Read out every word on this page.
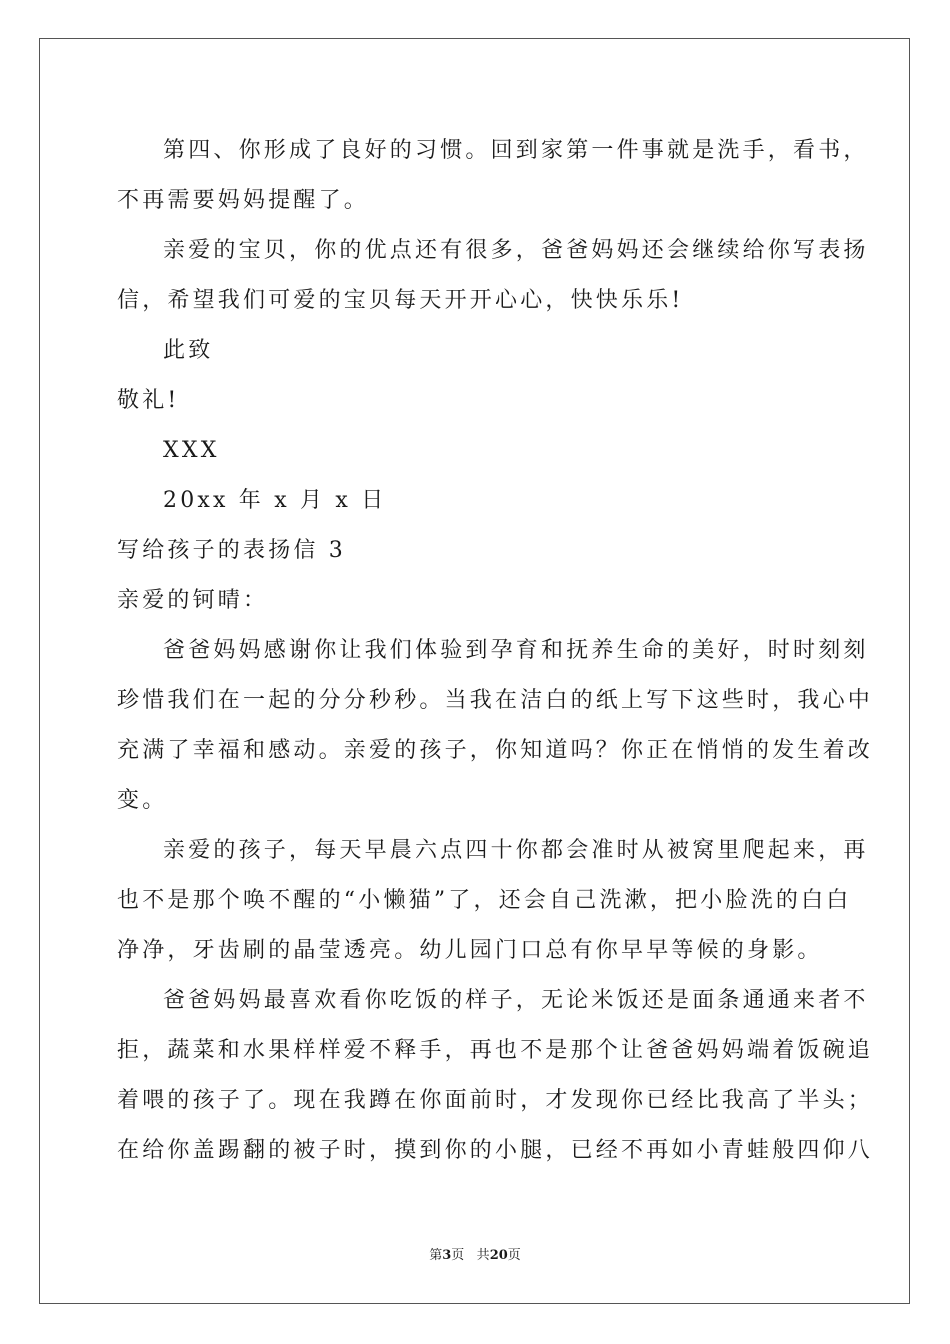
第四、你形成了良好的习惯。回到家第一件事就是洗手，看书，
不再需要妈妈提醒了。
亲爱的宝贝，你的优点还有很多，爸爸妈妈还会继续给你写表扬
信，希望我们可爱的宝贝每天开开心心，快快乐乐!
此致
敬礼!
XXX
20xx 年 x 月 x 日
写给孩子的表扬信 3
亲爱的钶晴：
爸爸妈妈感谢你让我们体验到孕育和抚养生命的美好，时时刻刻
珍惜我们在一起的分分秒秒。当我在洁白的纸上写下这些时，我心中
充满了幸福和感动。亲爱的孩子，你知道吗？你正在悄悄的发生着改
变。
亲爱的孩子，每天早晨六点四十你都会准时从被窝里爬起来，再
也不是那个唤不醒的“小懒猫”了，还会自己洗漱，把小脸洗的白白
净净，牙齿刷的晶莹透亮。幼儿园门口总有你早早等候的身影。
爸爸妈妈最喜欢看你吃饭的样子，无论米饭还是面条通通来者不
拒，蔬菜和水果样样爱不释手，再也不是那个让爸爸妈妈端着饭碗追
着喂的孩子了。现在我蹲在你面前时，才发现你已经比我高了半头；
在给你盖踢翻的被子时，摸到你的小腿，已经不再如小青蛙般四仰八
第3页 共20页
